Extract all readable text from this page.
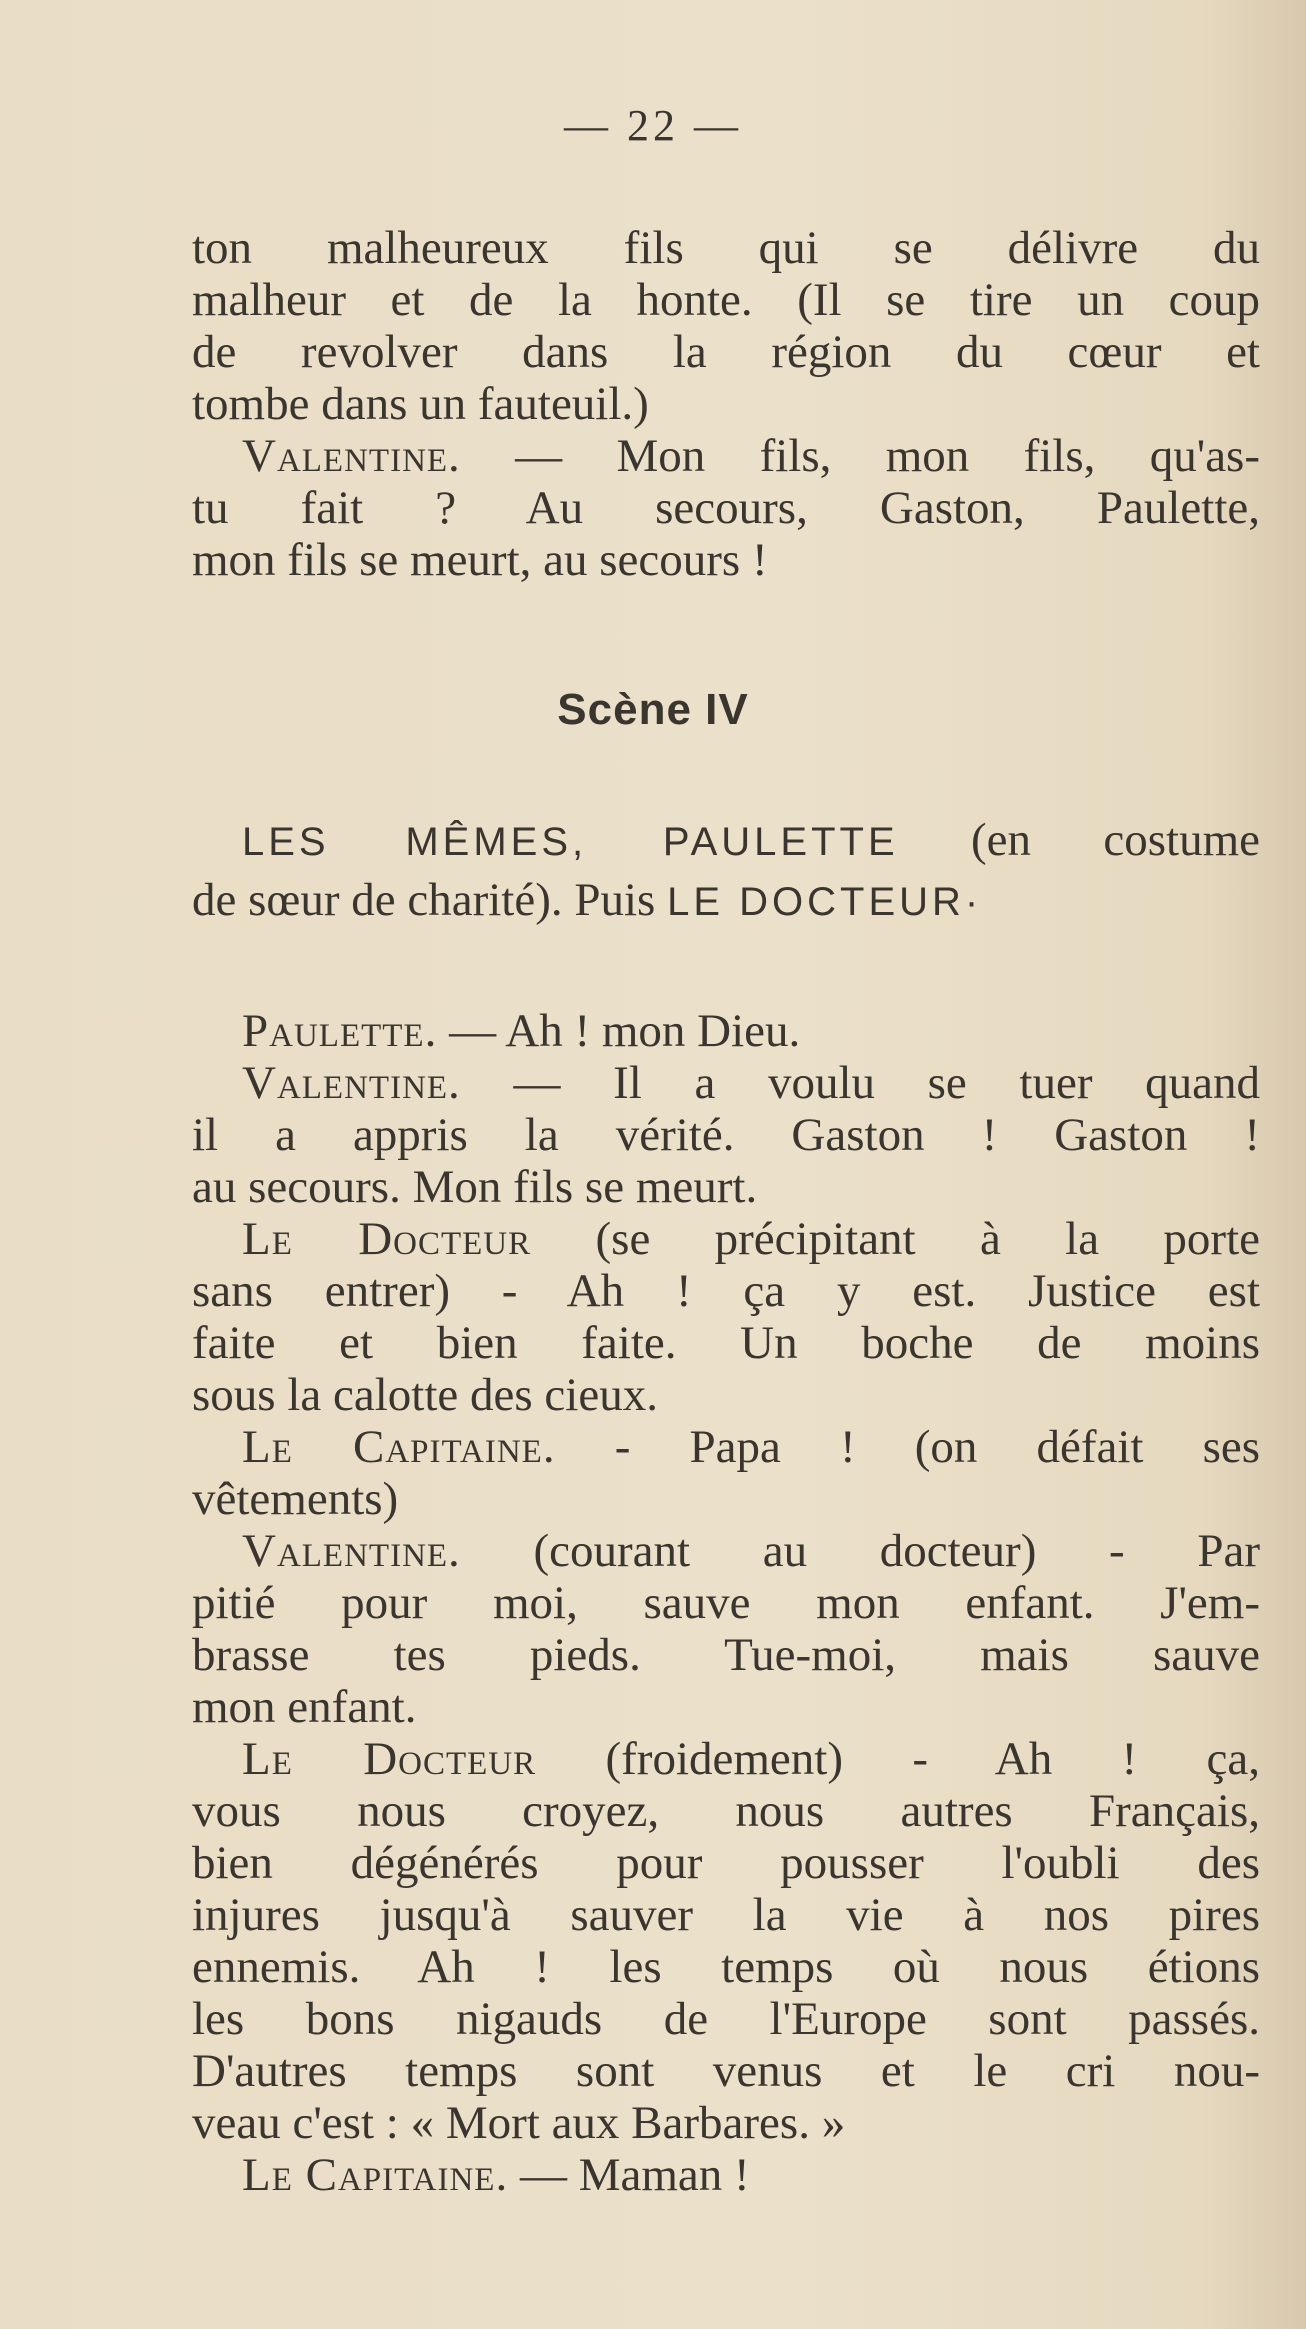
— 22 —
ton malheureux fils qui se délivre du
malheur et de la honte. (Il se tire un coup
de revolver dans la région du cœur et
tombe dans un fauteuil.)
Valentine. — Mon fils, mon fils, qu'as-
tu fait ? Au secours, Gaston, Paulette,
mon fils se meurt, au secours !
Scène IV
LES MÊMES, PAULETTE (en costume
de sœur de charité). Puis LE DOCTEUR·
Paulette. — Ah ! mon Dieu.
Valentine. — Il a voulu se tuer quand
il a appris la vérité. Gaston ! Gaston !
au secours. Mon fils se meurt.
Le Docteur (se précipitant à la porte
sans entrer) - Ah ! ça y est. Justice est
faite et bien faite. Un boche de moins
sous la calotte des cieux.
Le Capitaine. - Papa ! (on défait ses
vêtements)
Valentine. (courant au docteur) - Par
pitié pour moi, sauve mon enfant. J'em-
brasse tes pieds. Tue-moi, mais sauve
mon enfant.
Le Docteur (froidement) - Ah ! ça,
vous nous croyez, nous autres Français,
bien dégénérés pour pousser l'oubli des
injures jusqu'à sauver la vie à nos pires
ennemis. Ah ! les temps où nous étions
les bons nigauds de l'Europe sont passés.
D'autres temps sont venus et le cri nou-
veau c'est : « Mort aux Barbares. »
Le Capitaine. — Maman !
